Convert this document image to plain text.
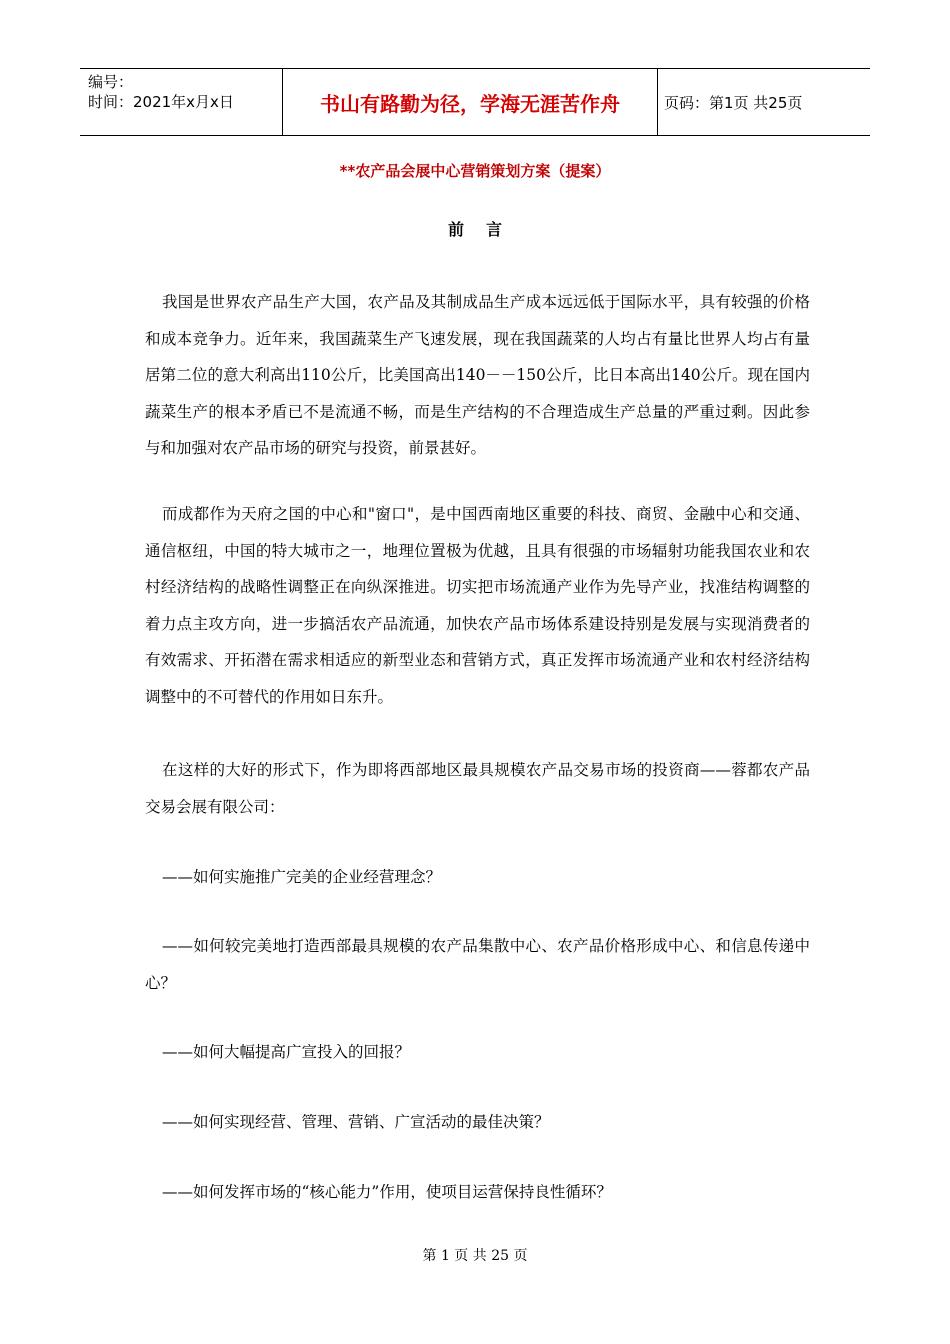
编号：
时间：2021年x月x日	书山有路勤为径，学海无涯苦作舟	页码：第1页 共25页
**农产品会展中心营销策划方案（提案）
前言

我国是世界农产品生产大国，农产品及其制成品生产成本远远低于国际水平，具有较强的价格和成本竞争力。近年来，我国蔬菜生产飞速发展，现在我国蔬菜的人均占有量比世界人均占有量居第二位的意大利高出110公斤，比美国高出140－－150公斤，比日本高出140公斤。现在国内蔬菜生产的根本矛盾已不是流通不畅，而是生产结构的不合理造成生产总量的严重过剩。因此参与和加强对农产品市场的研究与投资，前景甚好。

而成都作为天府之国的中心和"窗口"，是中国西南地区重要的科技、商贸、金融中心和交通、通信枢纽，中国的特大城市之一，地理位置极为优越，且具有很强的市场辐射功能我国农业和农村经济结构的战略性调整正在向纵深推进。切实把市场流通产业作为先导产业，找准结构调整的着力点主攻方向，进一步搞活农产品流通，加快农产品市场体系建设持别是发展与实现消费者的有效需求、开拓潜在需求相适应的新型业态和营销方式，真正发挥市场流通产业和农村经济结构调整中的不可替代的作用如日东升。

在这样的大好的形式下，作为即将西部地区最具规模农产品交易市场的投资商——蓉都农产品交易会展有限公司：

——如何实施推广完美的企业经营理念？

——如何较完美地打造西部最具规模的农产品集散中心、农产品价格形成中心、和信息传递中心？

——如何大幅提高广宣投入的回报？

——如何实现经营、管理、营销、广宣活动的最佳决策？

——如何发挥市场的“核心能力”作用，使项目运营保持良性循环？

第 1 页 共 25 页
